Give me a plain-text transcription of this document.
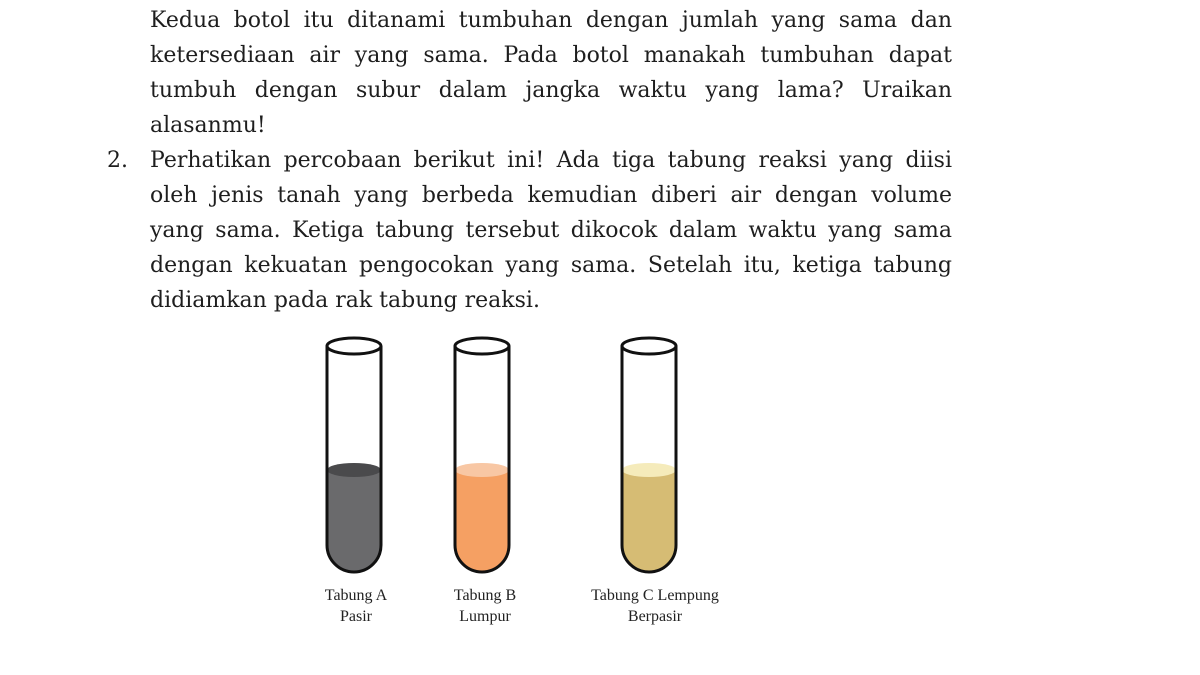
Kedua botol itu ditanami tumbuhan dengan jumlah yang sama dan ketersediaan air yang sama. Pada botol manakah tumbuhan dapat tumbuh dengan subur dalam jangka waktu yang lama? Uraikan alasanmu!

2. Perhatikan percobaan berikut ini! Ada tiga tabung reaksi yang diisi oleh jenis tanah yang berbeda kemudian diberi air dengan volume yang sama. Ketiga tabung tersebut dikocok dalam waktu yang sama dengan kekuatan pengocokan yang sama. Setelah itu, ketiga tabung didiamkan pada rak tabung reaksi.

Tabung A
Pasir
Tabung B
Lumpur
Tabung C Lempung
Berpasir
